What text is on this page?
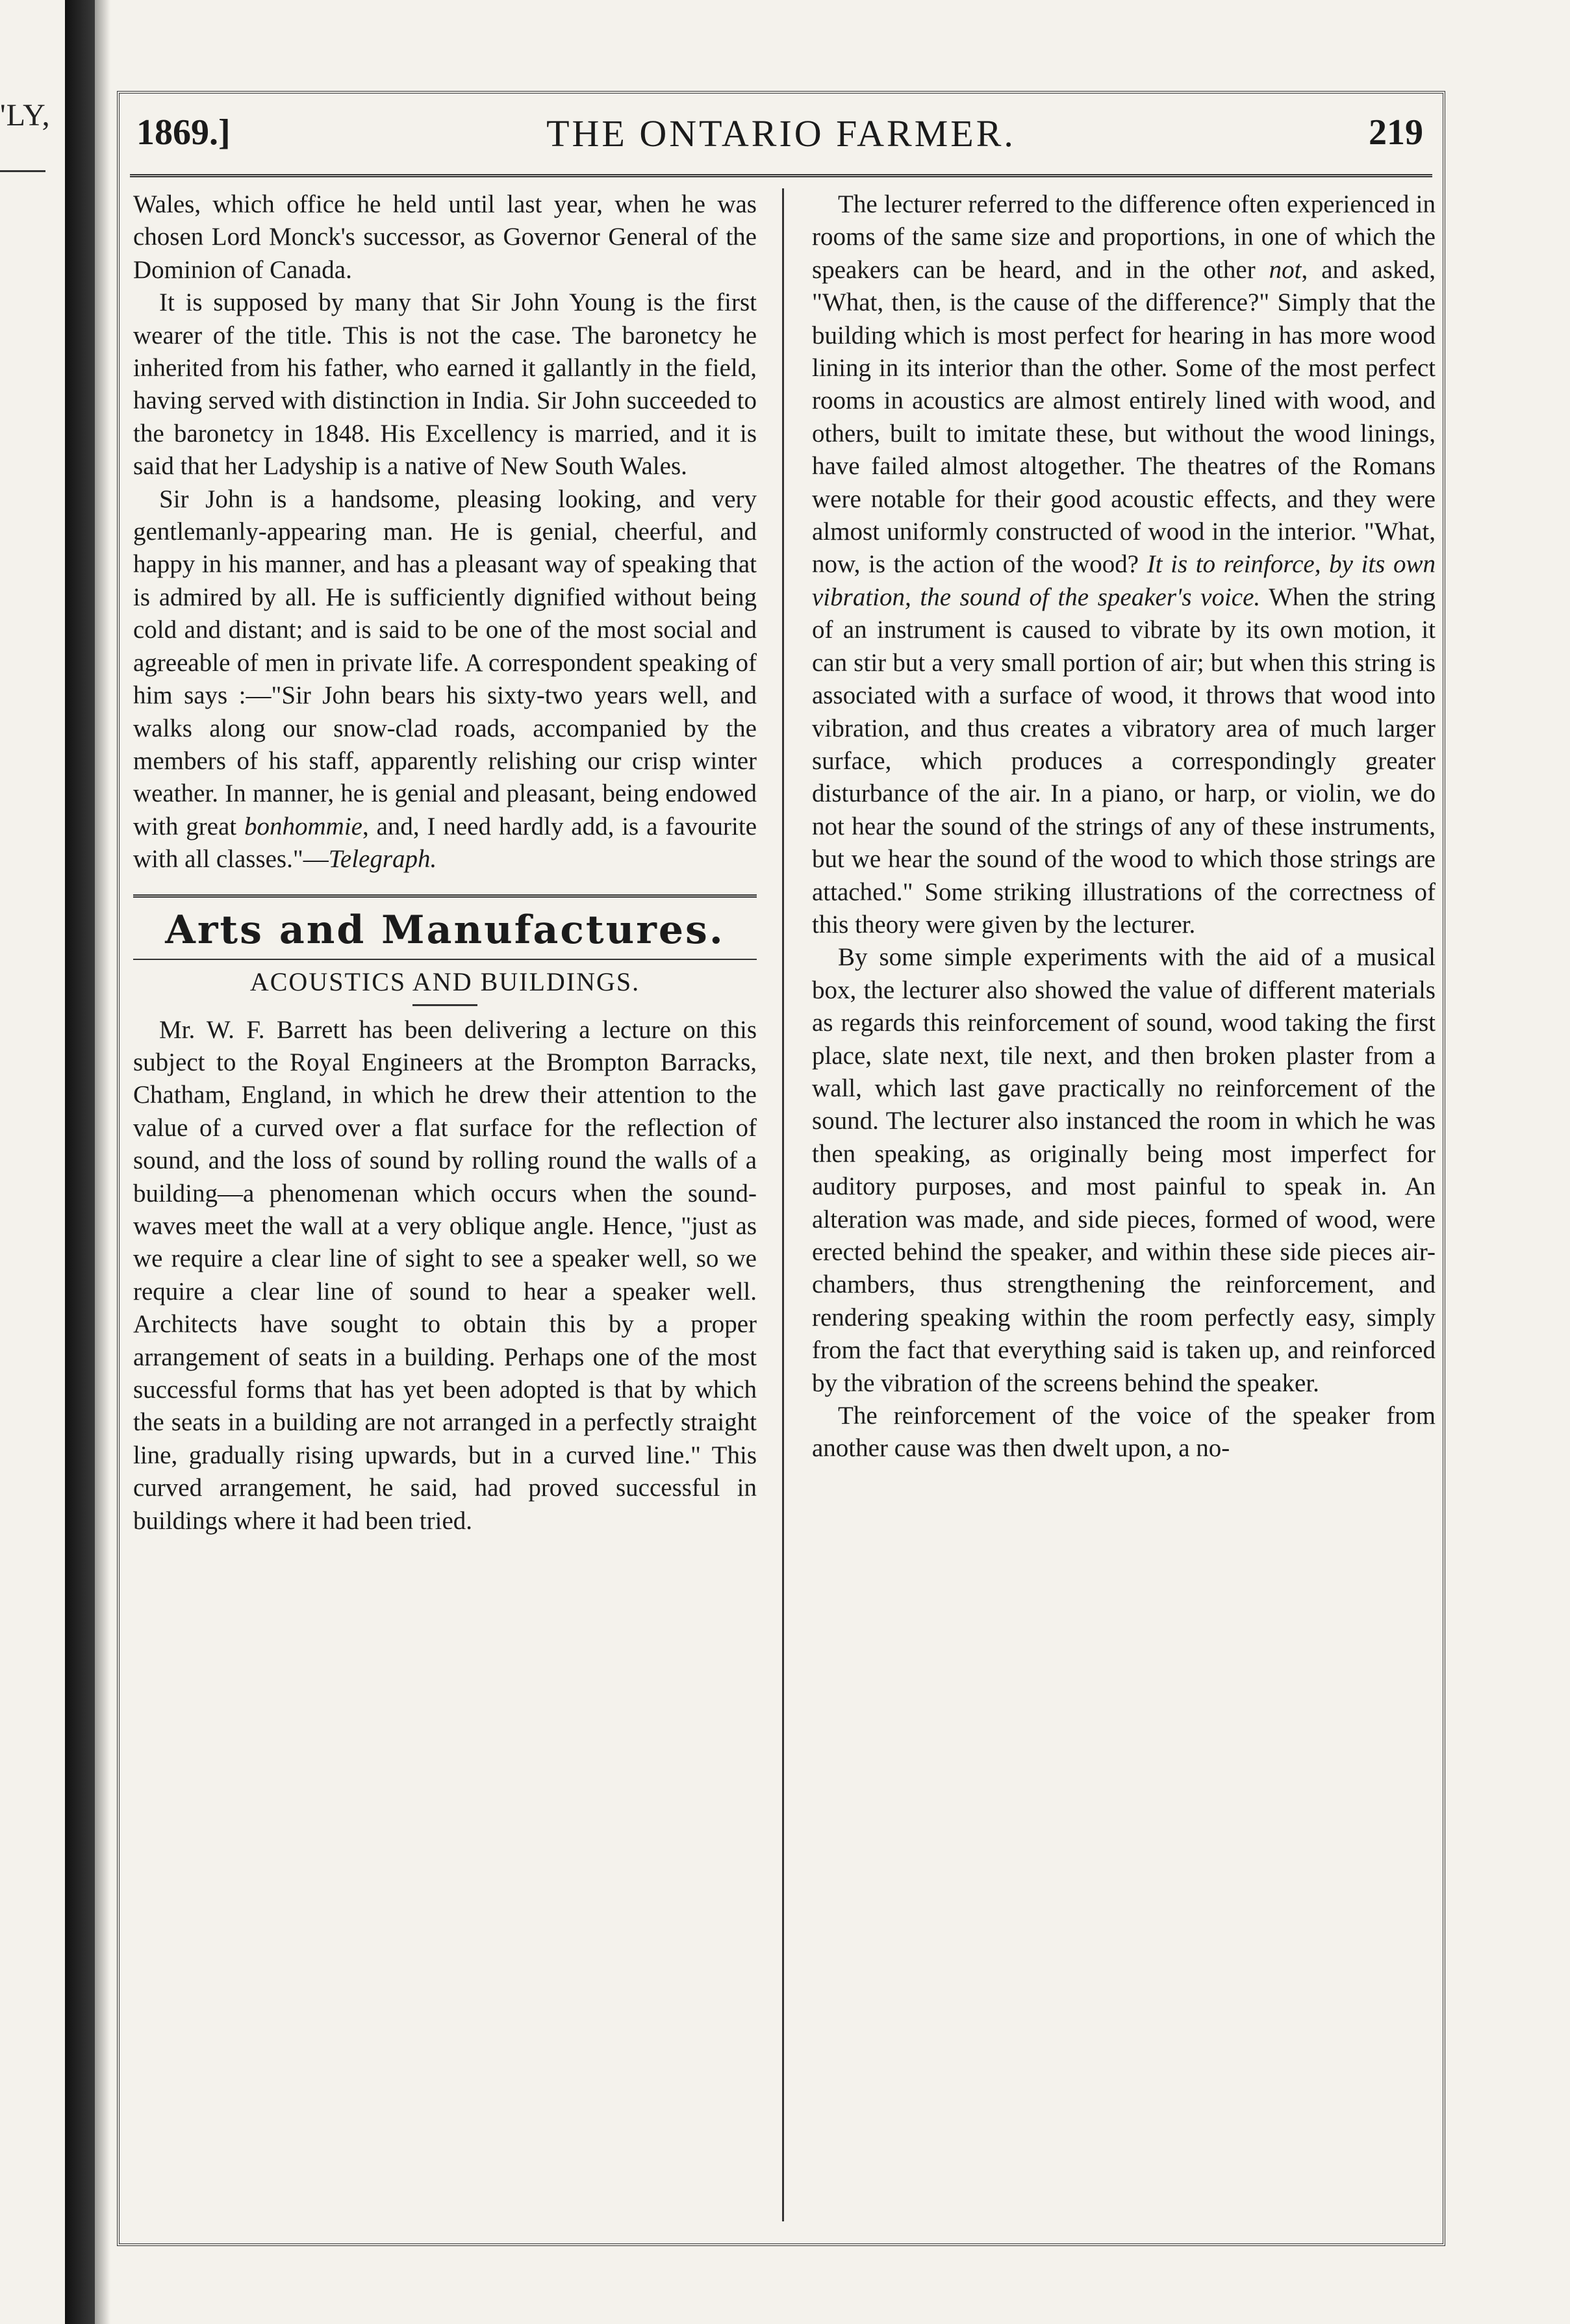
'LY, 1869.]	THE ONTARIO FARMER.	219

Wales, which office he held until last year, when he was chosen Lord Monck's successor, as Governor General of the Dominion of Canada.

It is supposed by many that Sir John Young is the first wearer of the title. This is not the case. The baronetcy he inherited from his father, who earned it gallantly in the field, having served with distinction in India. Sir John succeeded to the baronetcy in 1848. His Excellency is married, and it is said that her Ladyship is a native of New South Wales.

Sir John is a handsome, pleasing looking, and very gentlemanly-appearing man. He is genial, cheerful, and happy in his manner, and has a pleasant way of speaking that is admired by all. He is sufficiently dignified without being cold and distant; and is said to be one of the most social and agreeable of men in private life. A correspondent speaking of him says :—"Sir John bears his sixty-two years well, and walks along our snow-clad roads, accompanied by the members of his staff, apparently relishing our crisp winter weather. In manner, he is genial and pleasant, being endowed with great bonhommie, and, I need hardly add, is a favourite with all classes."—Telegraph.

Arts and Manufactures.
ACOUSTICS AND BUILDINGS.

Mr. W. F. Barrett has been delivering a lecture on this subject to the Royal Engineers at the Brompton Barracks, Chatham, England, in which he drew their attention to the value of a curved over a flat surface for the reflection of sound, and the loss of sound by rolling round the walls of a building—a phenomenan which occurs when the sound-waves meet the wall at a very oblique angle. Hence, "just as we require a clear line of sight to see a speaker well, so we require a clear line of sound to hear a speaker well. Architects have sought to obtain this by a proper arrangement of seats in a building. Perhaps one of the most successful forms that has yet been adopted is that by which the seats in a building are not arranged in a perfectly straight line, gradually rising upwards, but in a curved line." This curved arrangement, he said, had proved successful in buildings where it had been tried.

The lecturer referred to the difference often experienced in rooms of the same size and proportions, in one of which the speakers can be heard, and in the other not, and asked, "What, then, is the cause of the difference?" Simply that the building which is most perfect for hearing in has more wood lining in its interior than the other. Some of the most perfect rooms in acoustics are almost entirely lined with wood, and others, built to imitate these, but without the wood linings, have failed almost altogether. The theatres of the Romans were notable for their good acoustic effects, and they were almost uniformly constructed of wood in the interior. "What, now, is the action of the wood? It is to reinforce, by its own vibration, the sound of the speaker's voice. When the string of an instrument is caused to vibrate by its own motion, it can stir but a very small portion of air; but when this string is associated with a surface of wood, it throws that wood into vibration, and thus creates a vibratory area of much larger surface, which produces a correspondingly greater disturbance of the air. In a piano, or harp, or violin, we do not hear the sound of the strings of any of these instruments, but we hear the sound of the wood to which those strings are attached." Some striking illustrations of the correctness of this theory were given by the lecturer.

By some simple experiments with the aid of a musical box, the lecturer also showed the value of different materials as regards this reinforcement of sound, wood taking the first place, slate next, tile next, and then broken plaster from a wall, which last gave practically no reinforcement of the sound. The lecturer also instanced the room in which he was then speaking, as originally being most imperfect for auditory purposes, and most painful to speak in. An alteration was made, and side pieces, formed of wood, were erected behind the speaker, and within these side pieces air-chambers, thus strengthening the reinforcement, and rendering speaking within the room perfectly easy, simply from the fact that everything said is taken up, and reinforced by the vibration of the screens behind the speaker.

The reinforcement of the voice of the speaker from another cause was then dwelt upon, a no-
